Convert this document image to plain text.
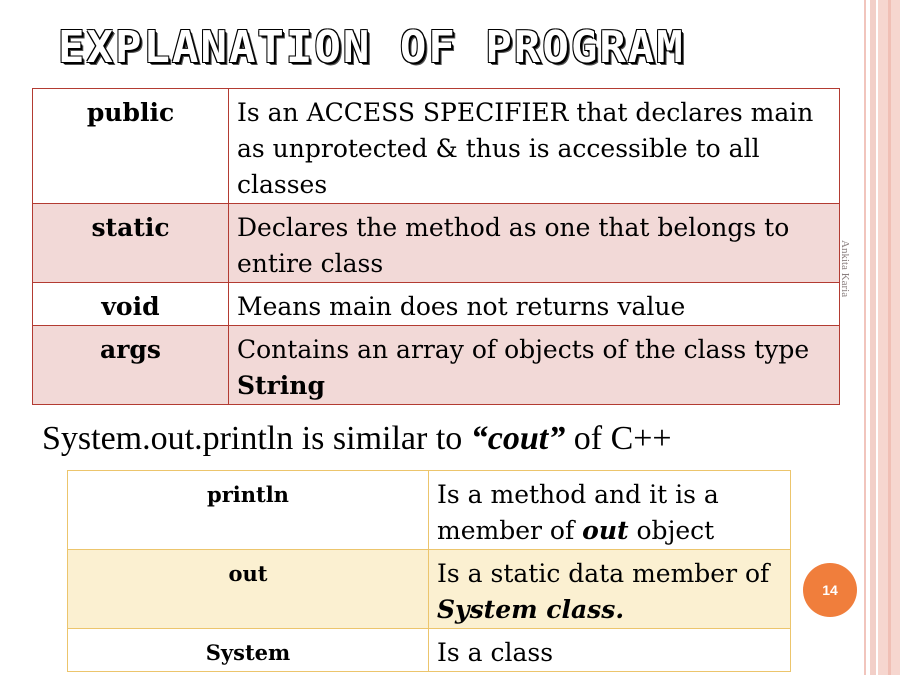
EXPLANATION OF PROGRAM
Ankita Karia
public	Is an ACCESS SPECIFIER that declares main as unprotected & thus is accessible to all classes
static	Declares the method as one that belongs to entire class
void	Means main does not returns value
args	Contains an array of objects of the class type String
System.out.println is similar to “cout” of C++
println	Is a method and it is a member of out object
out	Is a static data member of System class.
System	Is a class
14
